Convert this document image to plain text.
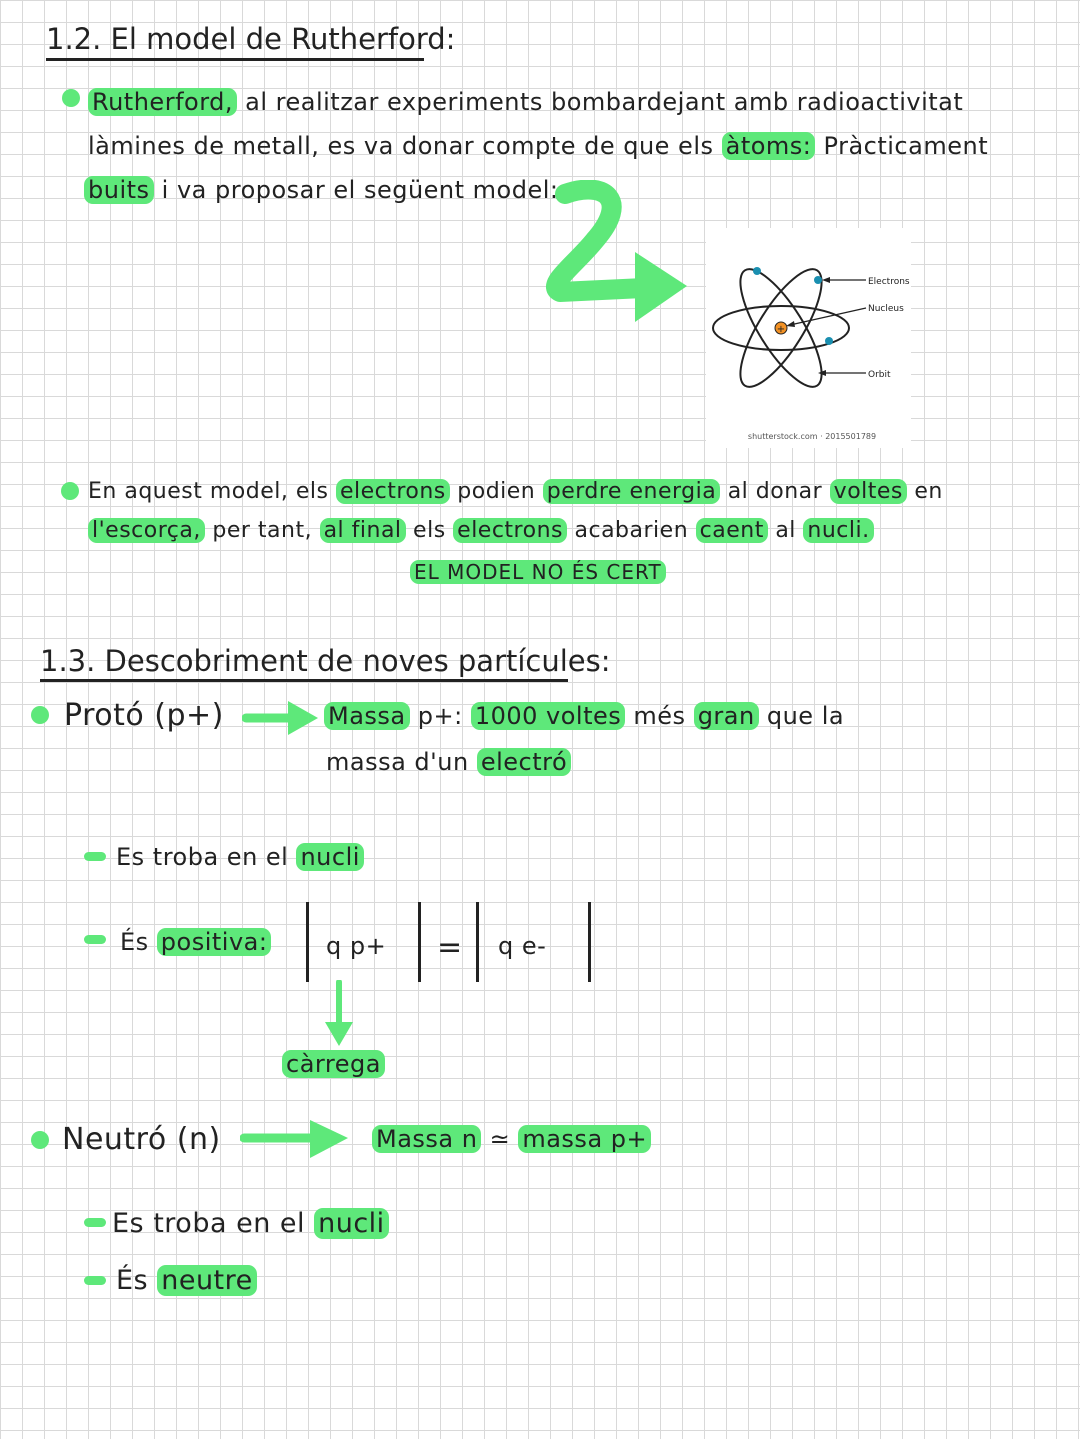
1.2. El model de Rutherford:
Rutherford, al realitzar experiments bombardejant amb radioactivitat
làmines de metall, es va donar compte de que els àtoms: Pràcticament
buits i va proposar el següent model:
+
Electrons
Nucleus
Orbit
shutterstock.com · 2015501789
En aquest model, els electrons podien perdre energia al donar voltes en
l'escorça, per tant, al final els electrons acabarien caent al nucli.
EL MODEL NO ÉS CERT
1.3. Descobriment de noves partícules:
Protó (p+)	Massa p+: 1000 voltes més gran que la
massa d'un electró
Es troba en el nucli
És positiva: q p+ = q e-
càrrega
Neutró (n)	Massa n ≃ massa p+
Es troba en el nucli
És neutre
